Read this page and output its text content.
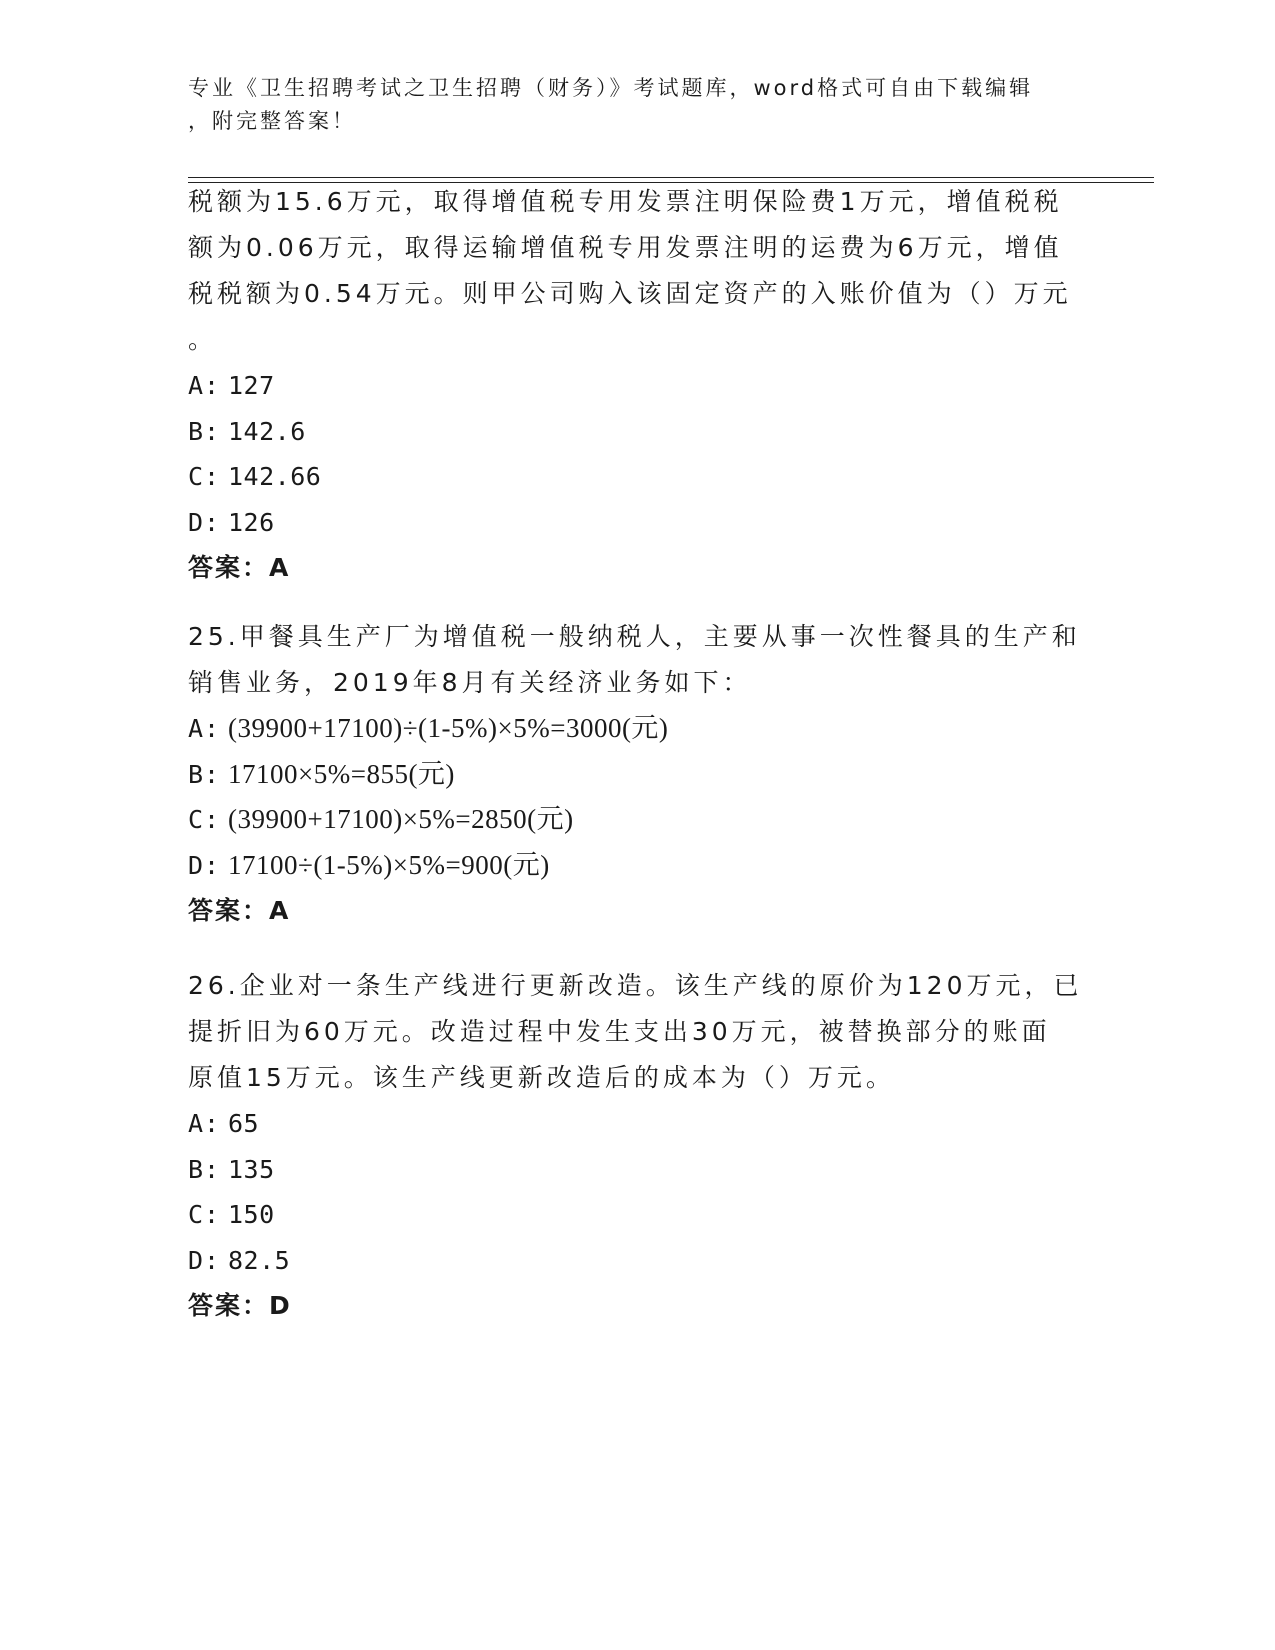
专业《卫生招聘考试之卫生招聘（财务）》考试题库，word格式可自由下载编辑
，附完整答案！

税额为15.6万元，取得增值税专用发票注明保险费1万元，增值税税

额为0.06万元，取得运输增值税专用发票注明的运费为6万元，增值

税税额为0.54万元。则甲公司购入该固定资产的入账价值为（）万元

。

A: 127

B: 142.6

C: 142.66

D: 126

答案：A

25.甲餐具生产厂为增值税一般纳税人，主要从事一次性餐具的生产和

销售业务，2019年8月有关经济业务如下：

A: (39900+17100)÷(1-5%)×5%=3000(元)

B: 17100×5%=855(元)

C: (39900+17100)×5%=2850(元)

D: 17100÷(1-5%)×5%=900(元)

答案：A

26.企业对一条生产线进行更新改造。该生产线的原价为120万元，已

提折旧为60万元。改造过程中发生支出30万元，被替换部分的账面

原值15万元。该生产线更新改造后的成本为（）万元。

A: 65

B: 135

C: 150

D: 82.5

答案：D
